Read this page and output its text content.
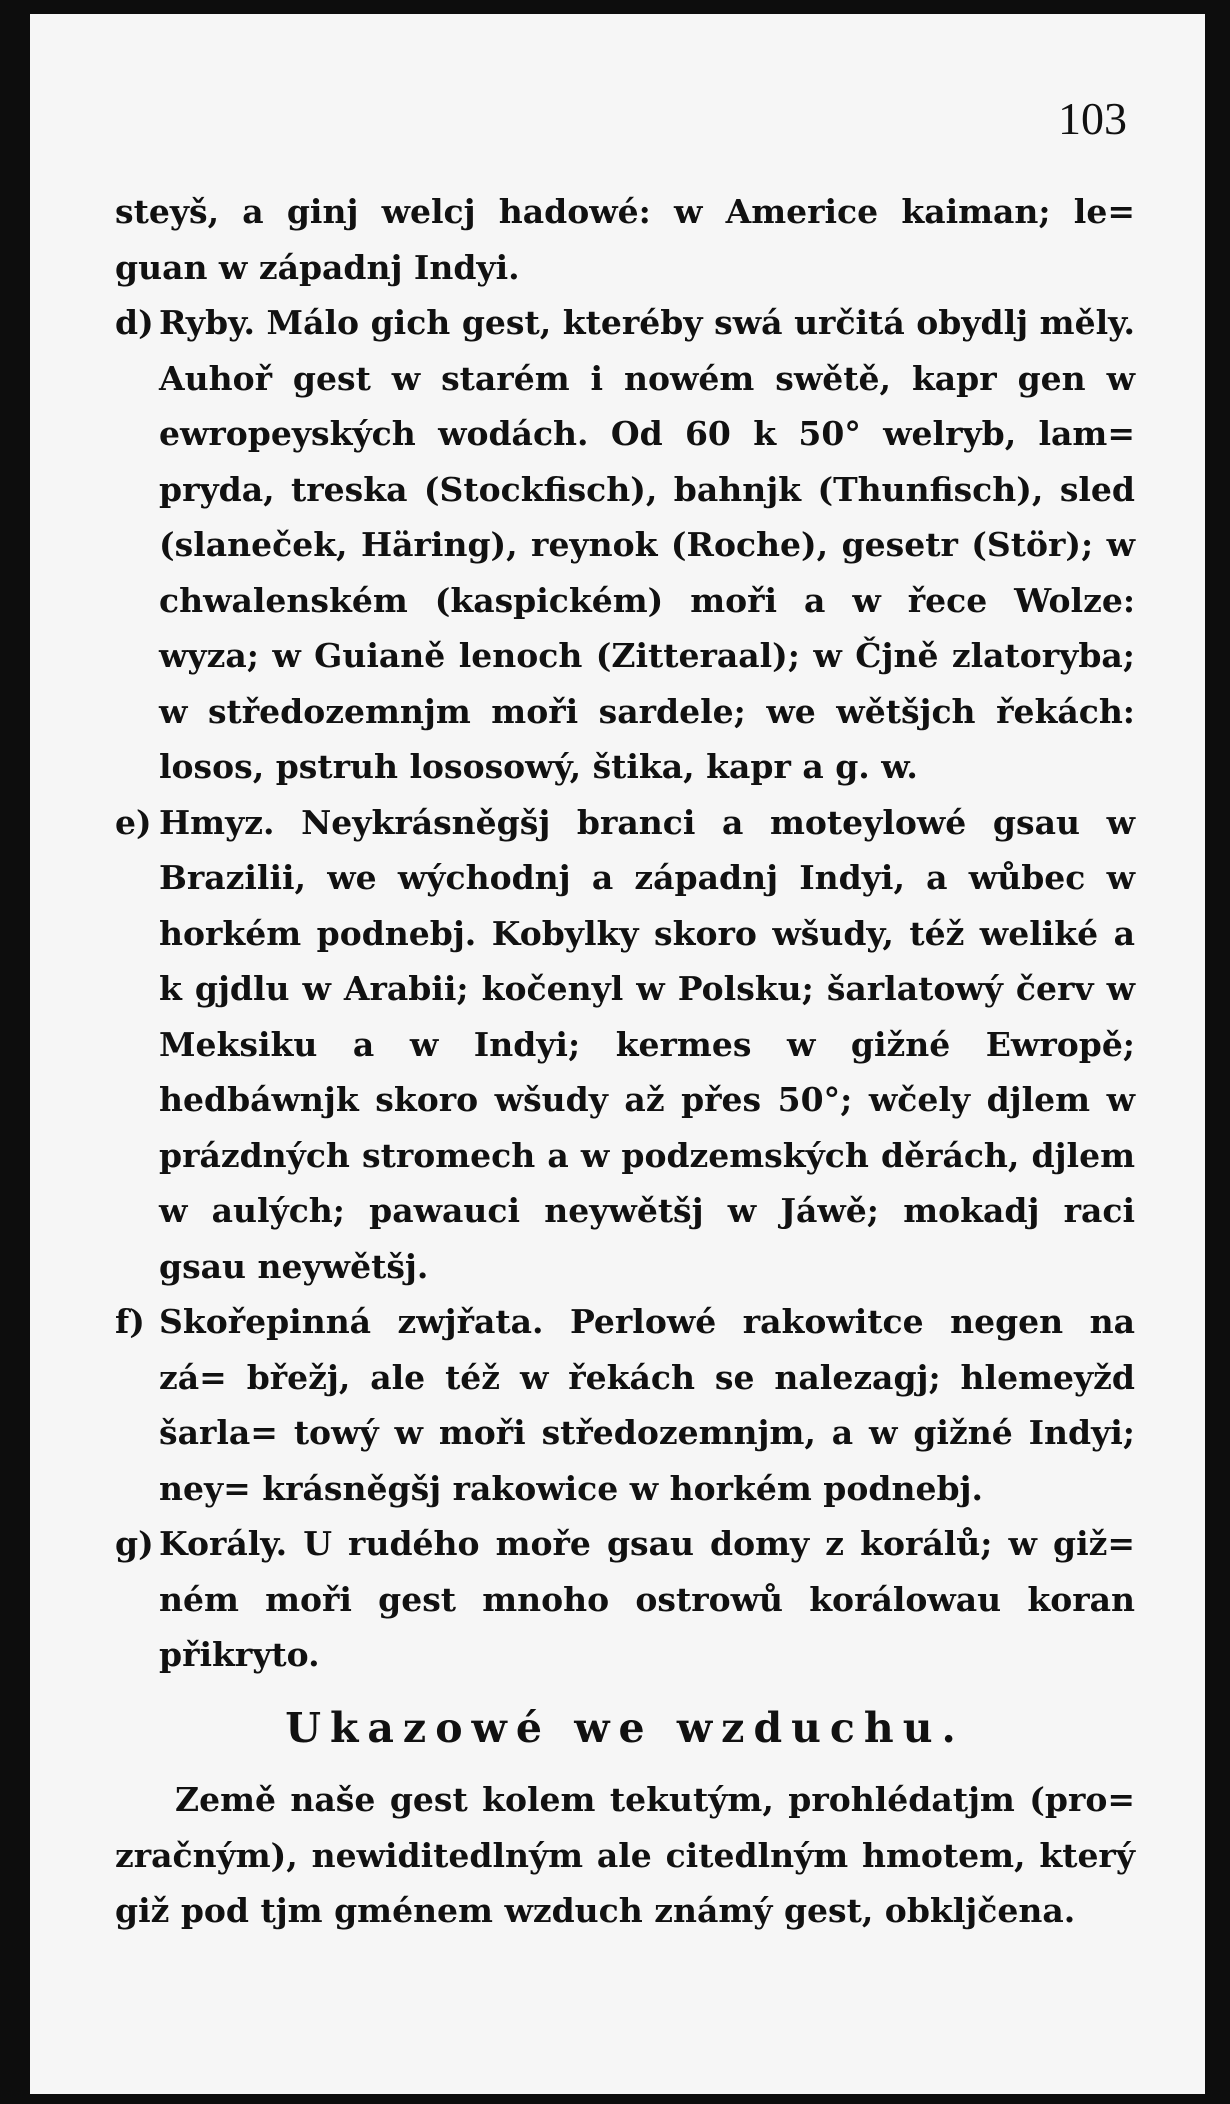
103

steyš, a ginj welcj hadowé: w Americe kaiman; le= guan w západnj Indyi.

d) Ryby. Málo gich gest, kteréby swá určitá obydlj měly. Auhoř gest w starém i nowém swětě, kapr gen w ewropeyských wodách. Od 60 k 50° welryb, lam= pryda, treska (Stockfisch), bahnjk (Thunfisch), sled (slaneček, Häring), reynok (Roche), gesetr (Stör); w chwalenském (kaspickém) moři a w řece Wolze: wyza; w Guianě lenoch (Zitteraal); w Čjně zlatoryba; w středozemnjm moři sardele; we wětšjch řekách: losos, pstruh lososowý, štika, kapr a g. w.

e) Hmyz. Neykrásněgšj branci a moteylowé gsau w Brazilii, we wýchodnj a západnj Indyi, a wůbec w horkém podnebj. Kobylky skoro wšudy, též weliké a k gjdlu w Arabii; kočenyl w Polsku; šarlatowý červ w Meksiku a w Indyi; kermes w gižné Ewropě; hedbáwnjk skoro wšudy až přes 50°; wčely djlem w prázdných stromech a w podzemských děrách, djlem w aulých; pawauci neywětšj w Jáwě; mokadj raci gsau neywětšj.

f) Skořepinná zwjřata. Perlowé rakowitce negen na zá= břežj, ale též w řekách se nalezagj; hlemeyžd šarla= towý w moři středozemnjm, a w gižné Indyi; ney= krásněgšj rakowice w horkém podnebj.

g) Korály. U rudého moře gsau domy z korálů; w giž= ném moři gest mnoho ostrowů korálowau koran přikryto.

Ukazowé we wzduchu.

Země naše gest kolem tekutým, prohlédatjm (pro= zračným), newiditedlným ale citedlným hmotem, který giž pod tjm gménem wzduch známý gest, obkljčena.
